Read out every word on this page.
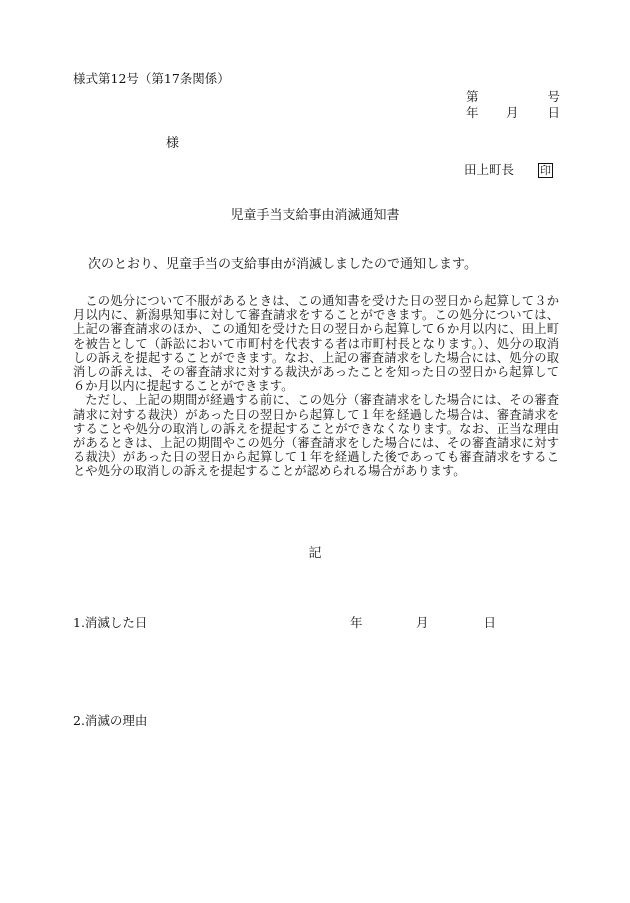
様式第12号（第17条関係）
第	号
年 月 日
様
田上町長 印
児童手当支給事由消滅通知書
次のとおり、児童手当の支給事由が消滅しましたので通知します。

この処分について不服があるときは、この通知書を受けた日の翌日から起算して３か月以内に、新潟県知事に対して審査請求をすることができます。この処分については、上記の審査請求のほか、この通知を受けた日の翌日から起算して６か月以内に、田上町を被告として（訴訟において市町村を代表する者は市町村長となります。）、処分の取消しの訴えを提起することができます。なお、上記の審査請求をした場合には、処分の取消しの訴えは、その審査請求に対する裁決があったことを知った日の翌日から起算して６か月以内に提起することができます。

ただし、上記の期間が経過する前に、この処分（審査請求をした場合には、その審査請求に対する裁決）があった日の翌日から起算して１年を経過した場合は、審査請求をすることや処分の取消しの訴えを提起することができなくなります。なお、正当な理由があるときは、上記の期間やこの処分（審査請求をした場合には、その審査請求に対する裁決）があった日の翌日から起算して１年を経過した後であっても審査請求をすることや処分の取消しの訴えを提起することが認められる場合があります。

記
1.消滅した日	年	月	日
2.消滅の理由
